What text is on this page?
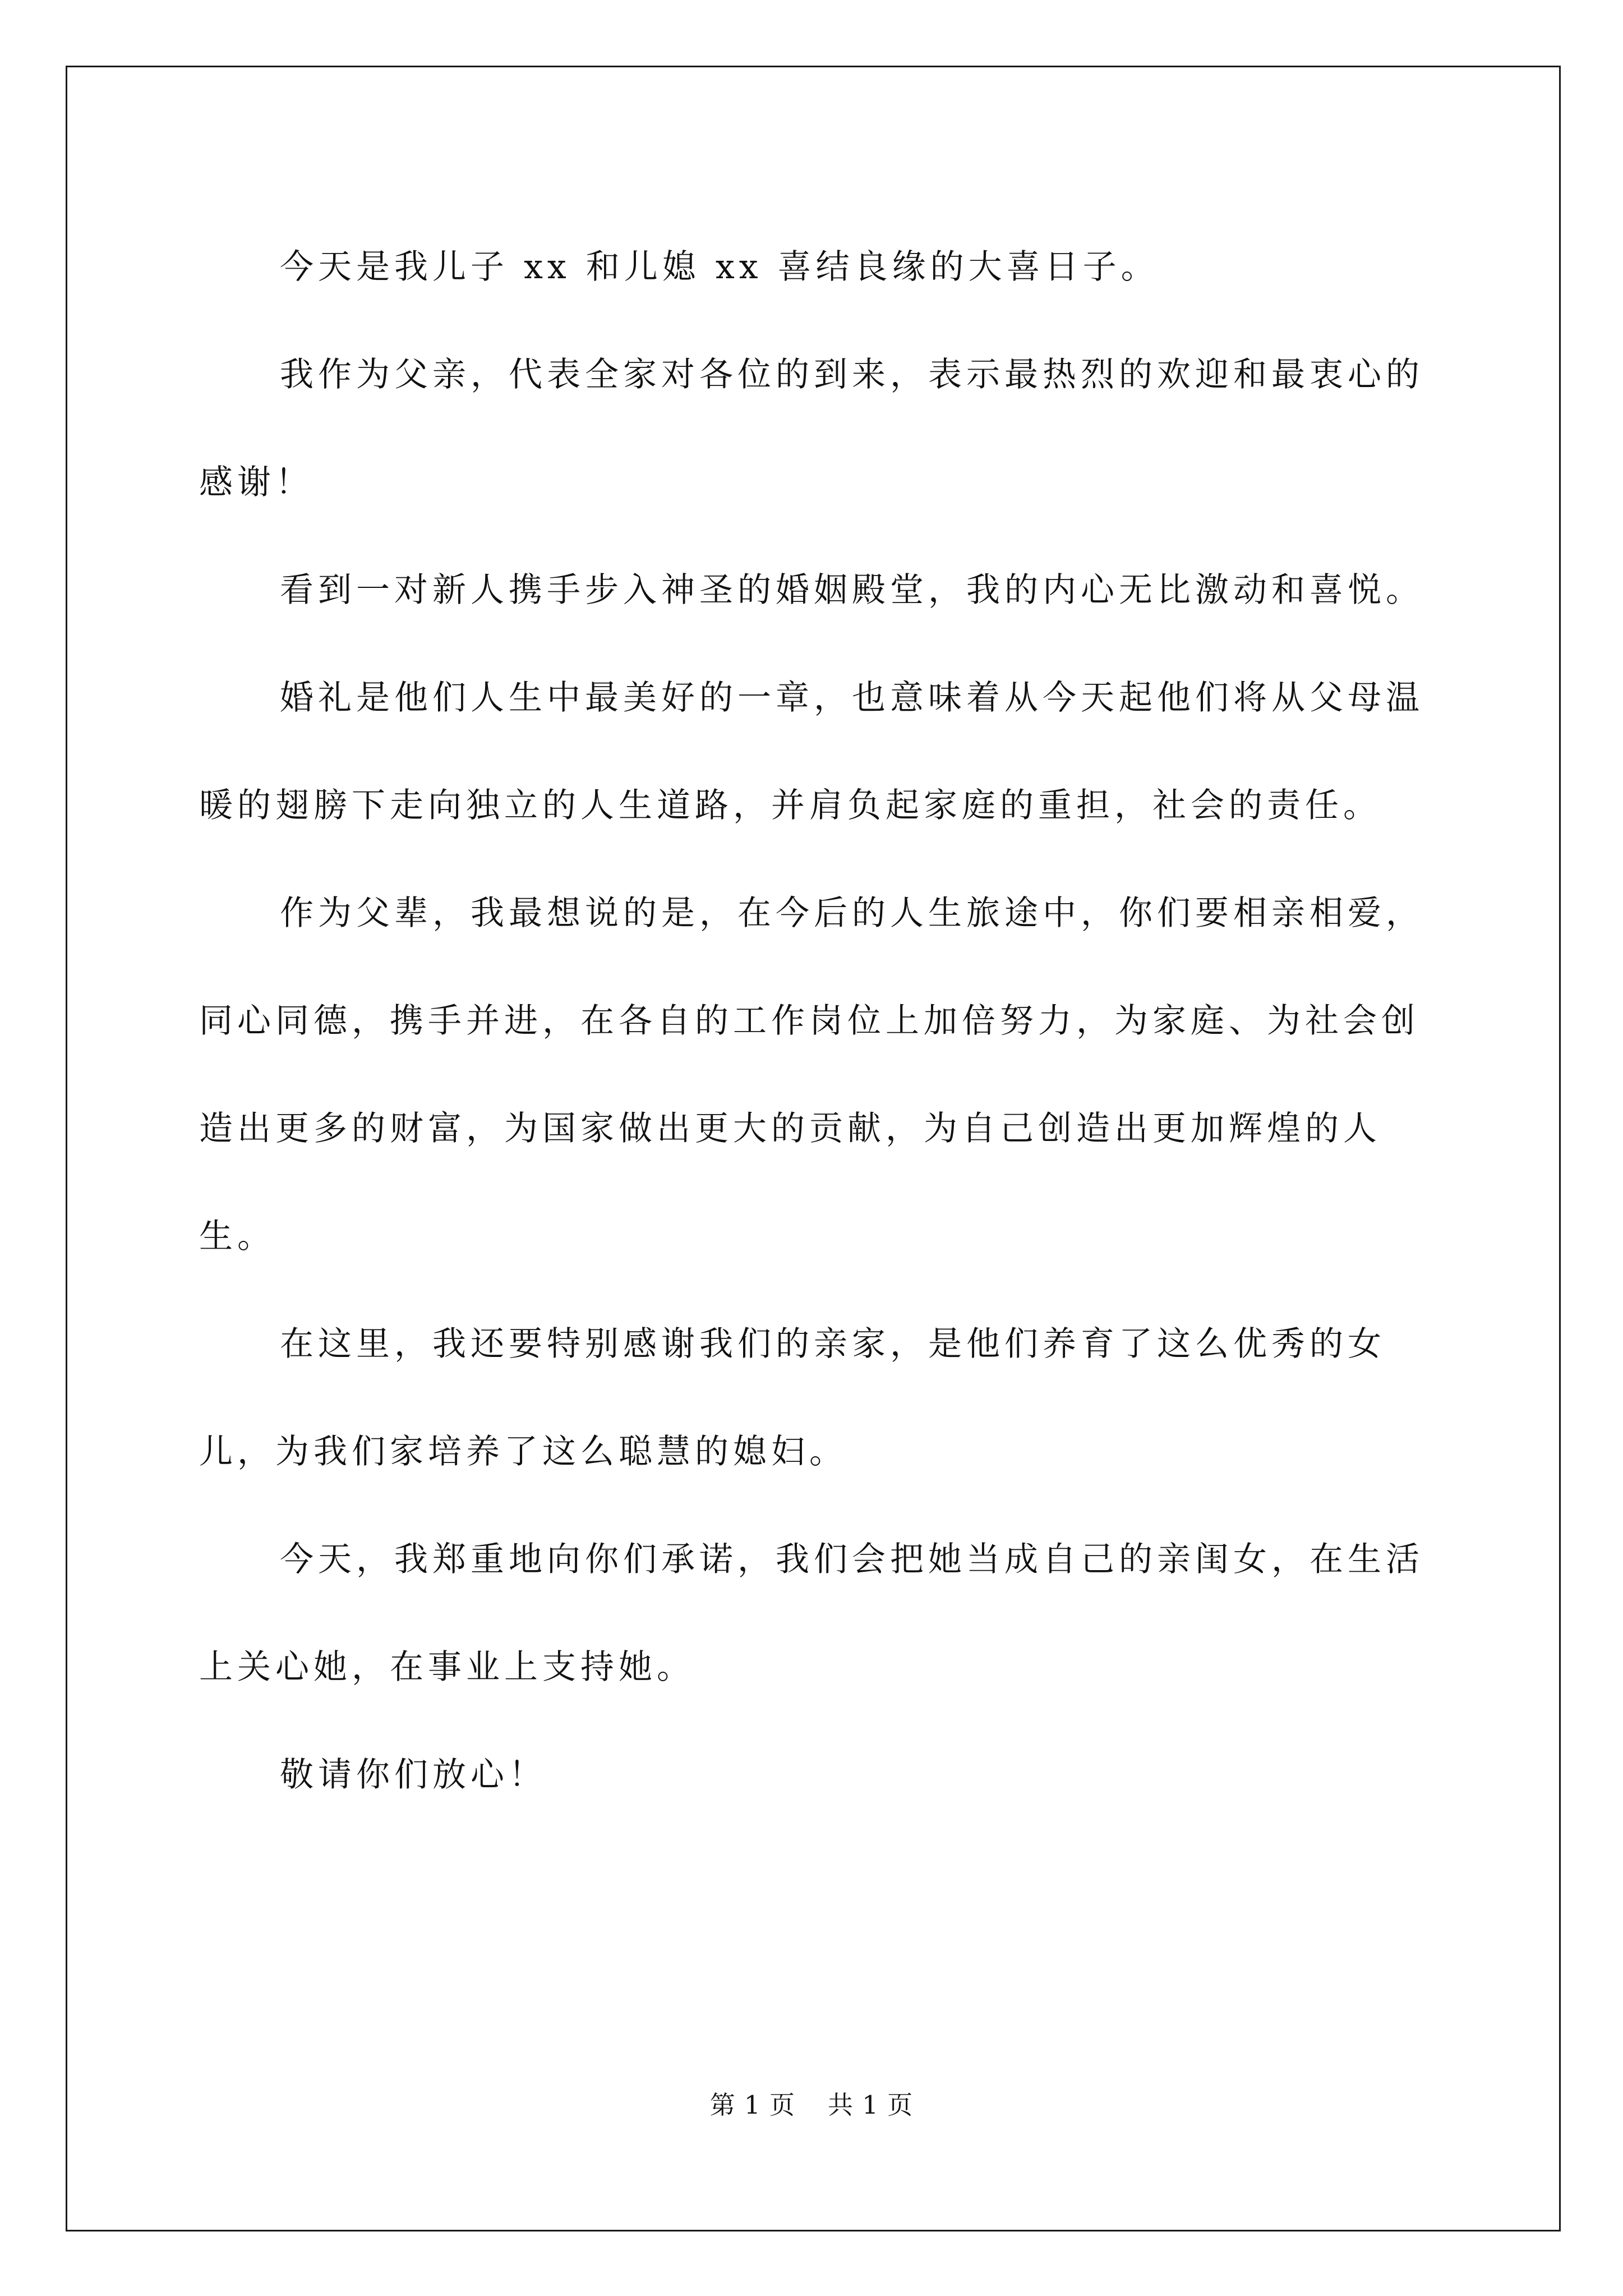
今天是我儿子 xx 和儿媳 xx 喜结良缘的大喜日子。

我作为父亲，代表全家对各位的到来，表示最热烈的欢迎和最衷心的感谢！

看到一对新人携手步入神圣的婚姻殿堂，我的内心无比激动和喜悦。

婚礼是他们人生中最美好的一章，也意味着从今天起他们将从父母温暖的翅膀下走向独立的人生道路，并肩负起家庭的重担，社会的责任。

作为父辈，我最想说的是，在今后的人生旅途中，你们要相亲相爱，同心同德，携手并进，在各自的工作岗位上加倍努力，为家庭、为社会创造出更多的财富，为国家做出更大的贡献，为自己创造出更加辉煌的人生。

在这里，我还要特别感谢我们的亲家，是他们养育了这么优秀的女儿，为我们家培养了这么聪慧的媳妇。

今天，我郑重地向你们承诺，我们会把她当成自己的亲闺女，在生活上关心她，在事业上支持她。

敬请你们放心！

第 1 页 共 1 页
